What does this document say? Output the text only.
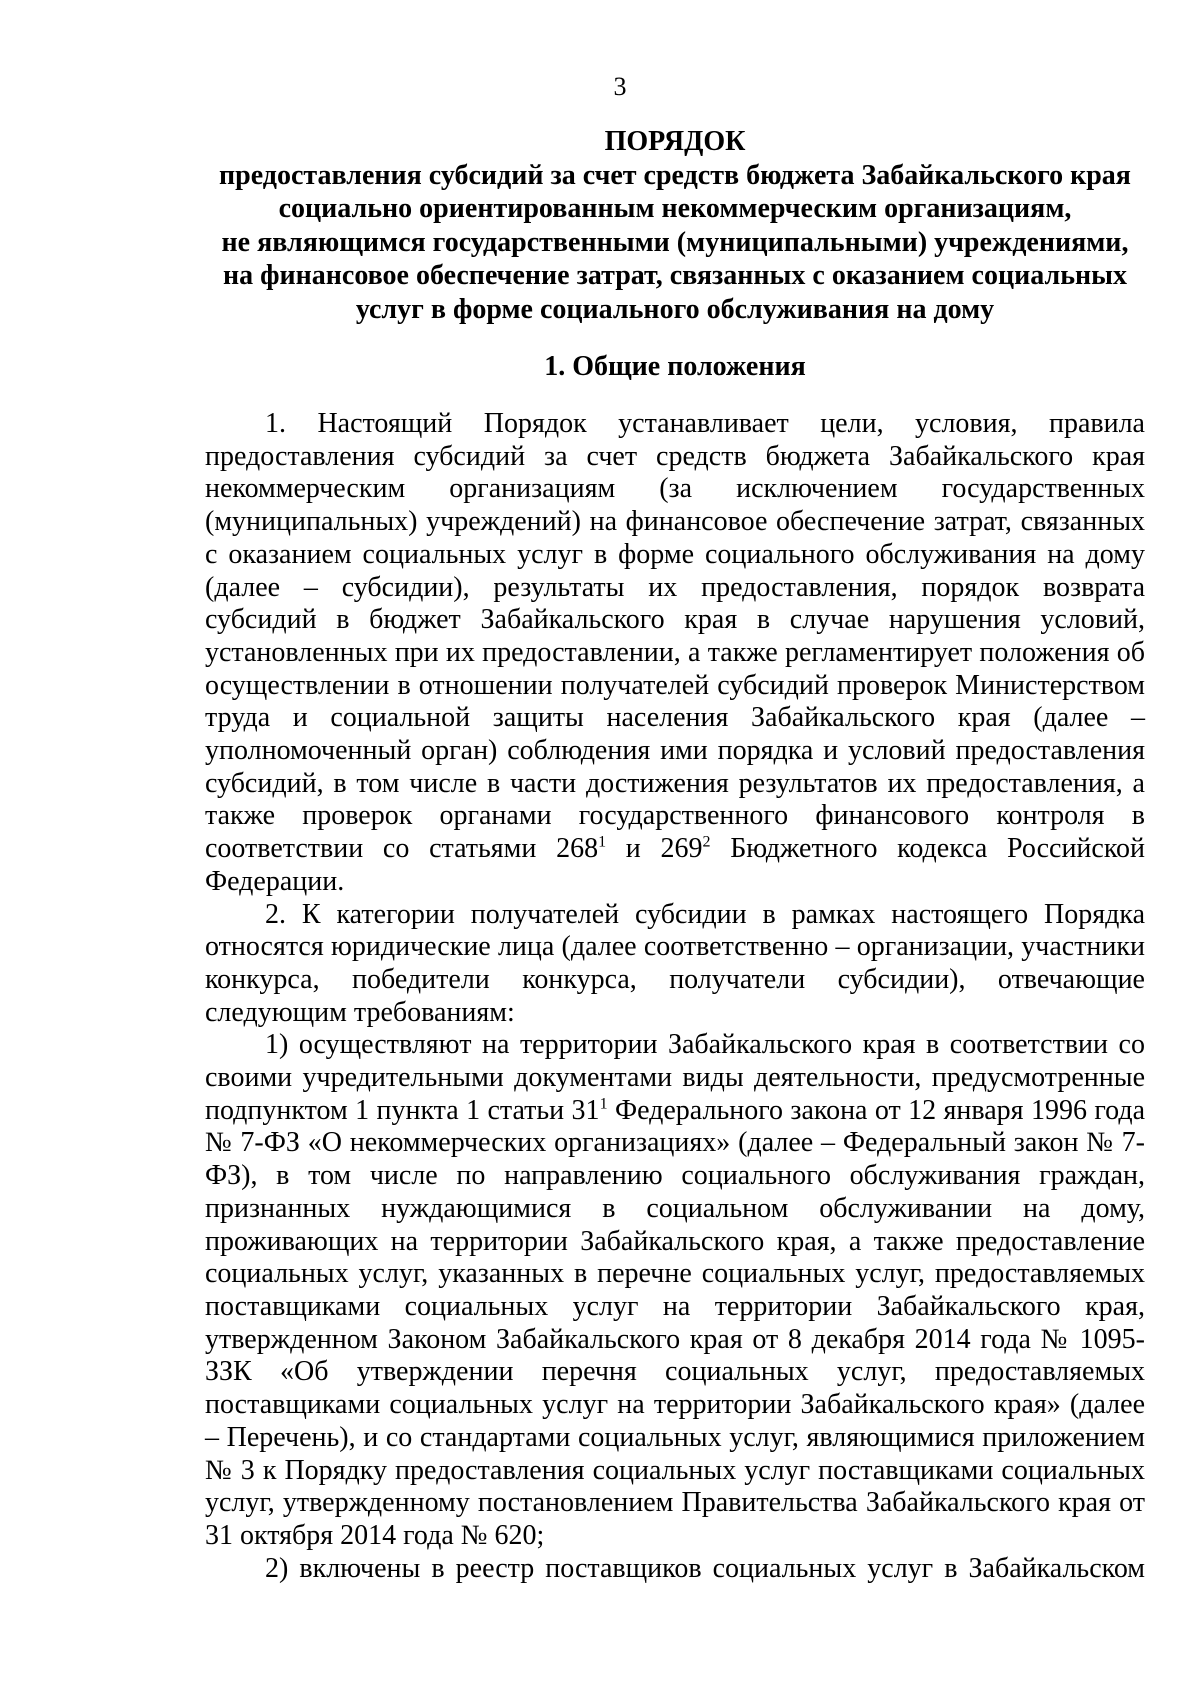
3
ПОРЯДОК
предоставления субсидий за счет средств бюджета Забайкальского края
социально ориентированным некоммерческим организациям,
не являющимся государственными (муниципальными) учреждениями,
на финансовое обеспечение затрат, связанных с оказанием социальных
услуг в форме социального обслуживания на дому
1. Общие положения

1. Настоящий Порядок устанавливает цели, условия, правила предоставления субсидий за счет средств бюджета Забайкальского края некоммерческим организациям (за исключением государственных (муниципальных) учреждений) на финансовое обеспечение затрат, связанных с оказанием социальных услуг в форме социального обслуживания на дому (далее – субсидии), результаты их предоставления, порядок возврата субсидий в бюджет Забайкальского края в случае нарушения условий, установленных при их предоставлении, а также регламентирует положения об осуществлении в отношении получателей субсидий проверок Министерством труда и социальной защиты населения Забайкальского края (далее – уполномоченный орган) соблюдения ими порядка и условий предоставления субсидий, в том числе в части достижения результатов их предоставления, а также проверок органами государственного финансового контроля в соответствии со статьями $268^1$ и $269^2$ Бюджетного кодекса Российской Федерации.

2. К категории получателей субсидии в рамках настоящего Порядка относятся юридические лица (далее соответственно – организации, участники конкурса, победители конкурса, получатели субсидии), отвечающие следующим требованиям:

1) осуществляют на территории Забайкальского края в соответствии со своими учредительными документами виды деятельности, предусмотренные подпунктом 1 пункта 1 статьи $31^1$ Федерального закона от 12 января 1996 года № 7-ФЗ «О некоммерческих организациях» (далее – Федеральный закон № 7-ФЗ), в том числе по направлению социального обслуживания граждан, признанных нуждающимися в социальном обслуживании на дому, проживающих на территории Забайкальского края, а также предоставление социальных услуг, указанных в перечне социальных услуг, предоставляемых поставщиками социальных услуг на территории Забайкальского края, утвержденном Законом Забайкальского края от 8 декабря 2014 года № 1095-ЗЗК «Об утверждении перечня социальных услуг, предоставляемых поставщиками социальных услуг на территории Забайкальского края» (далее – Перечень), и со стандартами социальных услуг, являющимися приложением № 3 к Порядку предоставления социальных услуг поставщиками социальных услуг, утвержденному постановлением Правительства Забайкальского края от 31 октября 2014 года № 620;

2) включены в реестр поставщиков социальных услуг в Забайкальском
